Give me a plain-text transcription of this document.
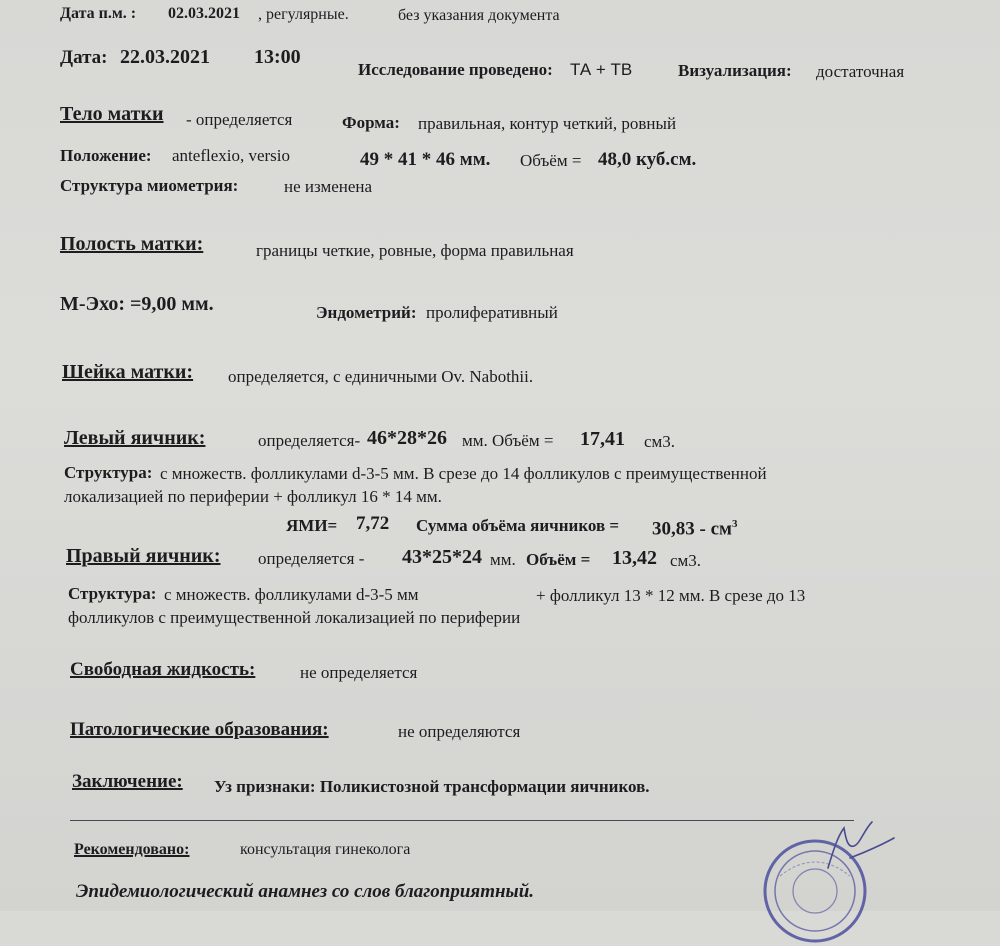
Дата п.м. : 02.03.2021 , регулярные.	без указания документа
Дата: 22.03.2021 13:00
Исследование проведено: ТА + ТВ	Визуализация: достаточная
Тело матки - определяется	Форма: правильная, контур четкий, ровный
Положение: anteflexio, versio	49 * 41 * 46 мм. Объём = 48,0 куб.см.
Структура миометрия:	не изменена
Полость матки:	границы четкие, ровные, форма правильная
М-Эхо: =9,00 мм.	Эндометрий: пролиферативный
Шейка матки: определяется, с единичными Ov. Nabothii.
Левый яичник:	определяется- 46*28*26 мм. Объём = 17,41 см3.
Структура: с множеств. фолликулами d-3-5 мм. В срезе до 14 фолликулов с преимущественной
локализацией по периферии + фолликул 16 * 14 мм.
ЯМИ= 7,72 Сумма объёма яичников = $30,83 - см^3$
Правый яичник: определяется - 43*25*24 мм. Объём = 13,42 см3.
Структура: с множеств. фолликулами d-3-5 мм	+ фолликул 13 * 12 мм. В срезе до 13
фолликулов с преимущественной локализацией по периферии
Свободная жидкость:	не определяется
Патологические образования:	не определяются
Заключение: Уз признаки: Поликистозной трансформации яичников.
Рекомендовано:	консультация гинеколога
Эпидемиологический анамнез со слов благоприятный.
